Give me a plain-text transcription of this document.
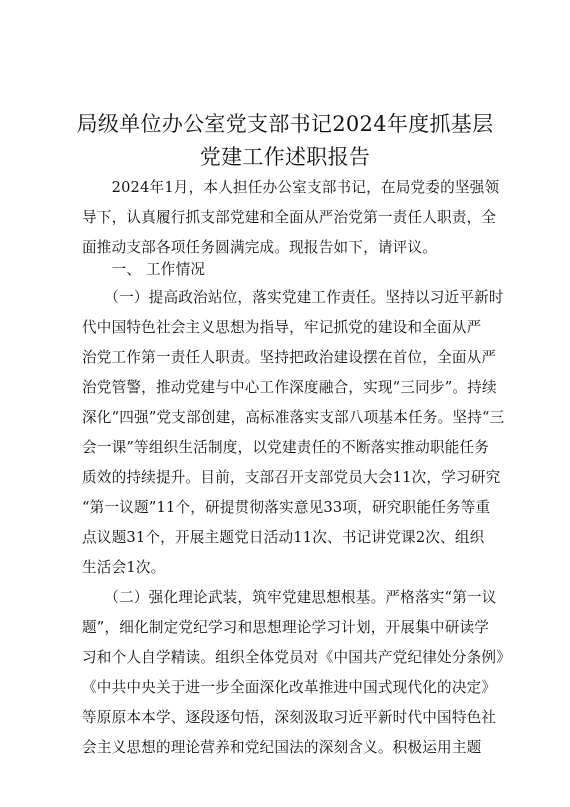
局级单位办公室党支部书记2024年度抓基层
党建工作述职报告
　　2024年1月，本人担任办公室支部书记，在局党委的坚强领
导下，认真履行抓支部党建和全面从严治党第一责任人职责，全
面推动支部各项任务圆满完成。现报告如下，请评议。
　　一、 工作情况
　　（一）提高政治站位，落实党建工作责任。坚持以习近平新时
代中国特色社会主义思想为指导，牢记抓党的建设和全面从严
治党工作第一责任人职责。坚持把政治建设摆在首位，全面从严
治党管警，推动党建与中心工作深度融合，实现“三同步”。持续
深化“四强”党支部创建，高标准落实支部八项基本任务。坚持“三
会一课”等组织生活制度，以党建责任的不断落实推动职能任务
质效的持续提升。目前，支部召开支部党员大会11次，学习研究
“第一议题”11个，研提贯彻落实意见33项，研究职能任务等重
点议题31个，开展主题党日活动11次、书记讲党课2次、组织
生活会1次。
　　（二）强化理论武装，筑牢党建思想根基。严格落实“第一议
题”，细化制定党纪学习和思想理论学习计划，开展集中研读学
习和个人自学精读。组织全体党员对《中国共产党纪律处分条例》
《中共中央关于进一步全面深化改革推进中国式现代化的决定》
等原原本本学、逐段逐句悟，深刻汲取习近平新时代中国特色社
会主义思想的理论营养和党纪国法的深刻含义。积极运用主题
